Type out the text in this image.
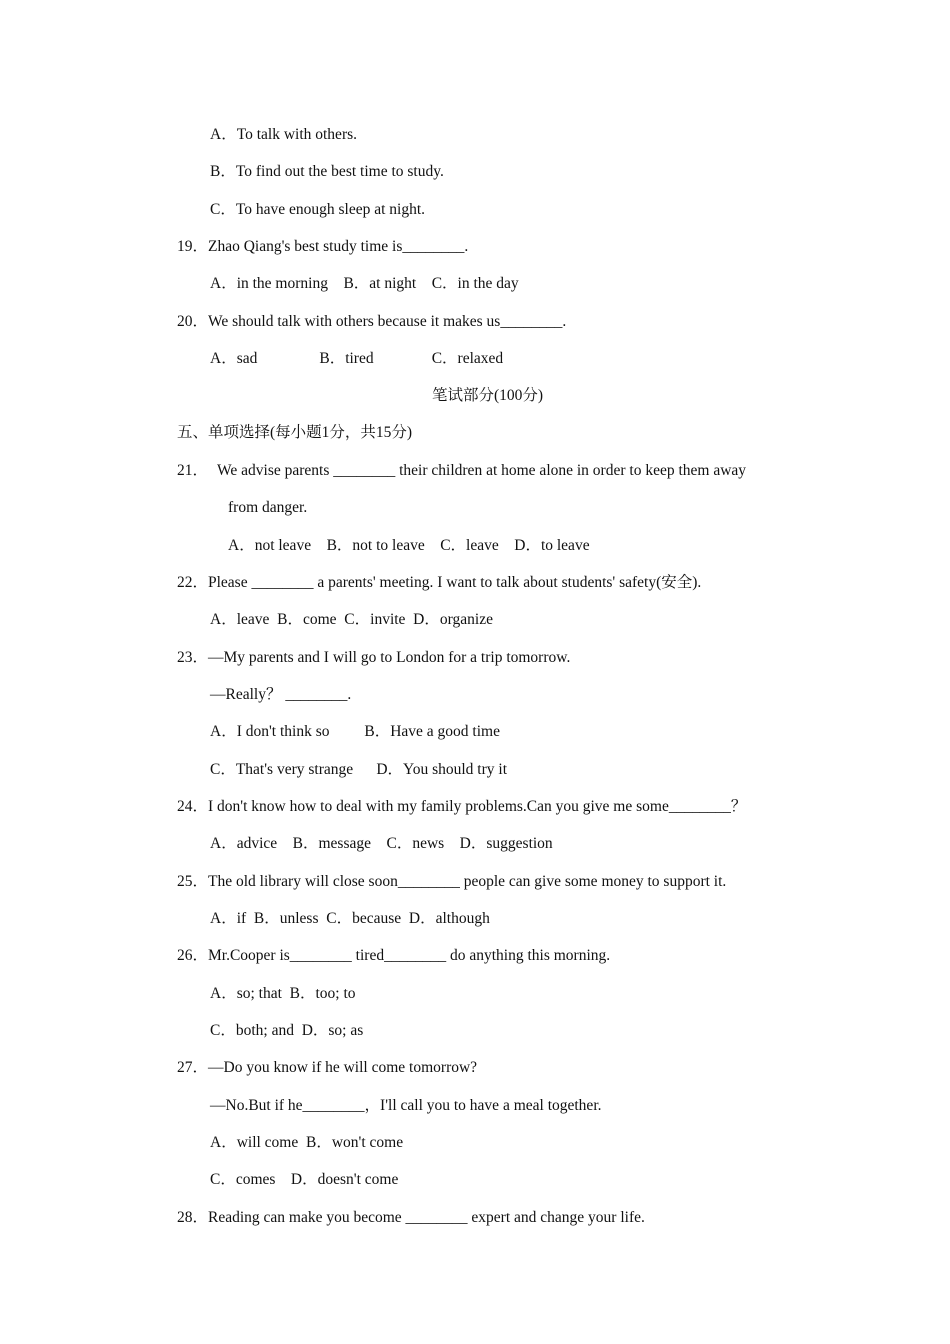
A．To talk with others.
B．To find out the best time to study.
C．To have enough sleep at night.
19．Zhao Qiang's best study time is________.
A．in the morning    B．at night    C．in the day
20．We should talk with others because it makes us________.
A．sad                B．tired               C．relaxed
笔试部分(100分)
五、单项选择(每小题1分，共15分)
21． We advise parents ________ their children at home alone in order to keep them away
from danger.
A．not leave    B．not to leave    C．leave    D．to leave
22．Please ________ a parents' meeting. I want to talk about students' safety(安全).
A．leave  B．come  C．invite  D．organize
23．—My parents and I will go to London for a trip tomorrow.
—Really？ ________.
A．I don't think so         B．Have a good time
C．That's very strange      D．You should try it
24．I don't know how to deal with my family problems.Can you give me some________？
A．advice    B．message    C．news    D．suggestion
25．The old library will close soon________ people can give some money to support it.
A．if  B．unless  C．because  D．although
26．Mr.Cooper is________ tired________ do anything this morning.
A．so; that  B．too; to
C．both; and  D．so; as
27．—Do you know if he will come tomorrow?
—No.But if he________，I'll call you to have a meal together.
A．will come  B．won't come
C．comes    D．doesn't come
28．Reading can make you become ________ expert and change your life.
